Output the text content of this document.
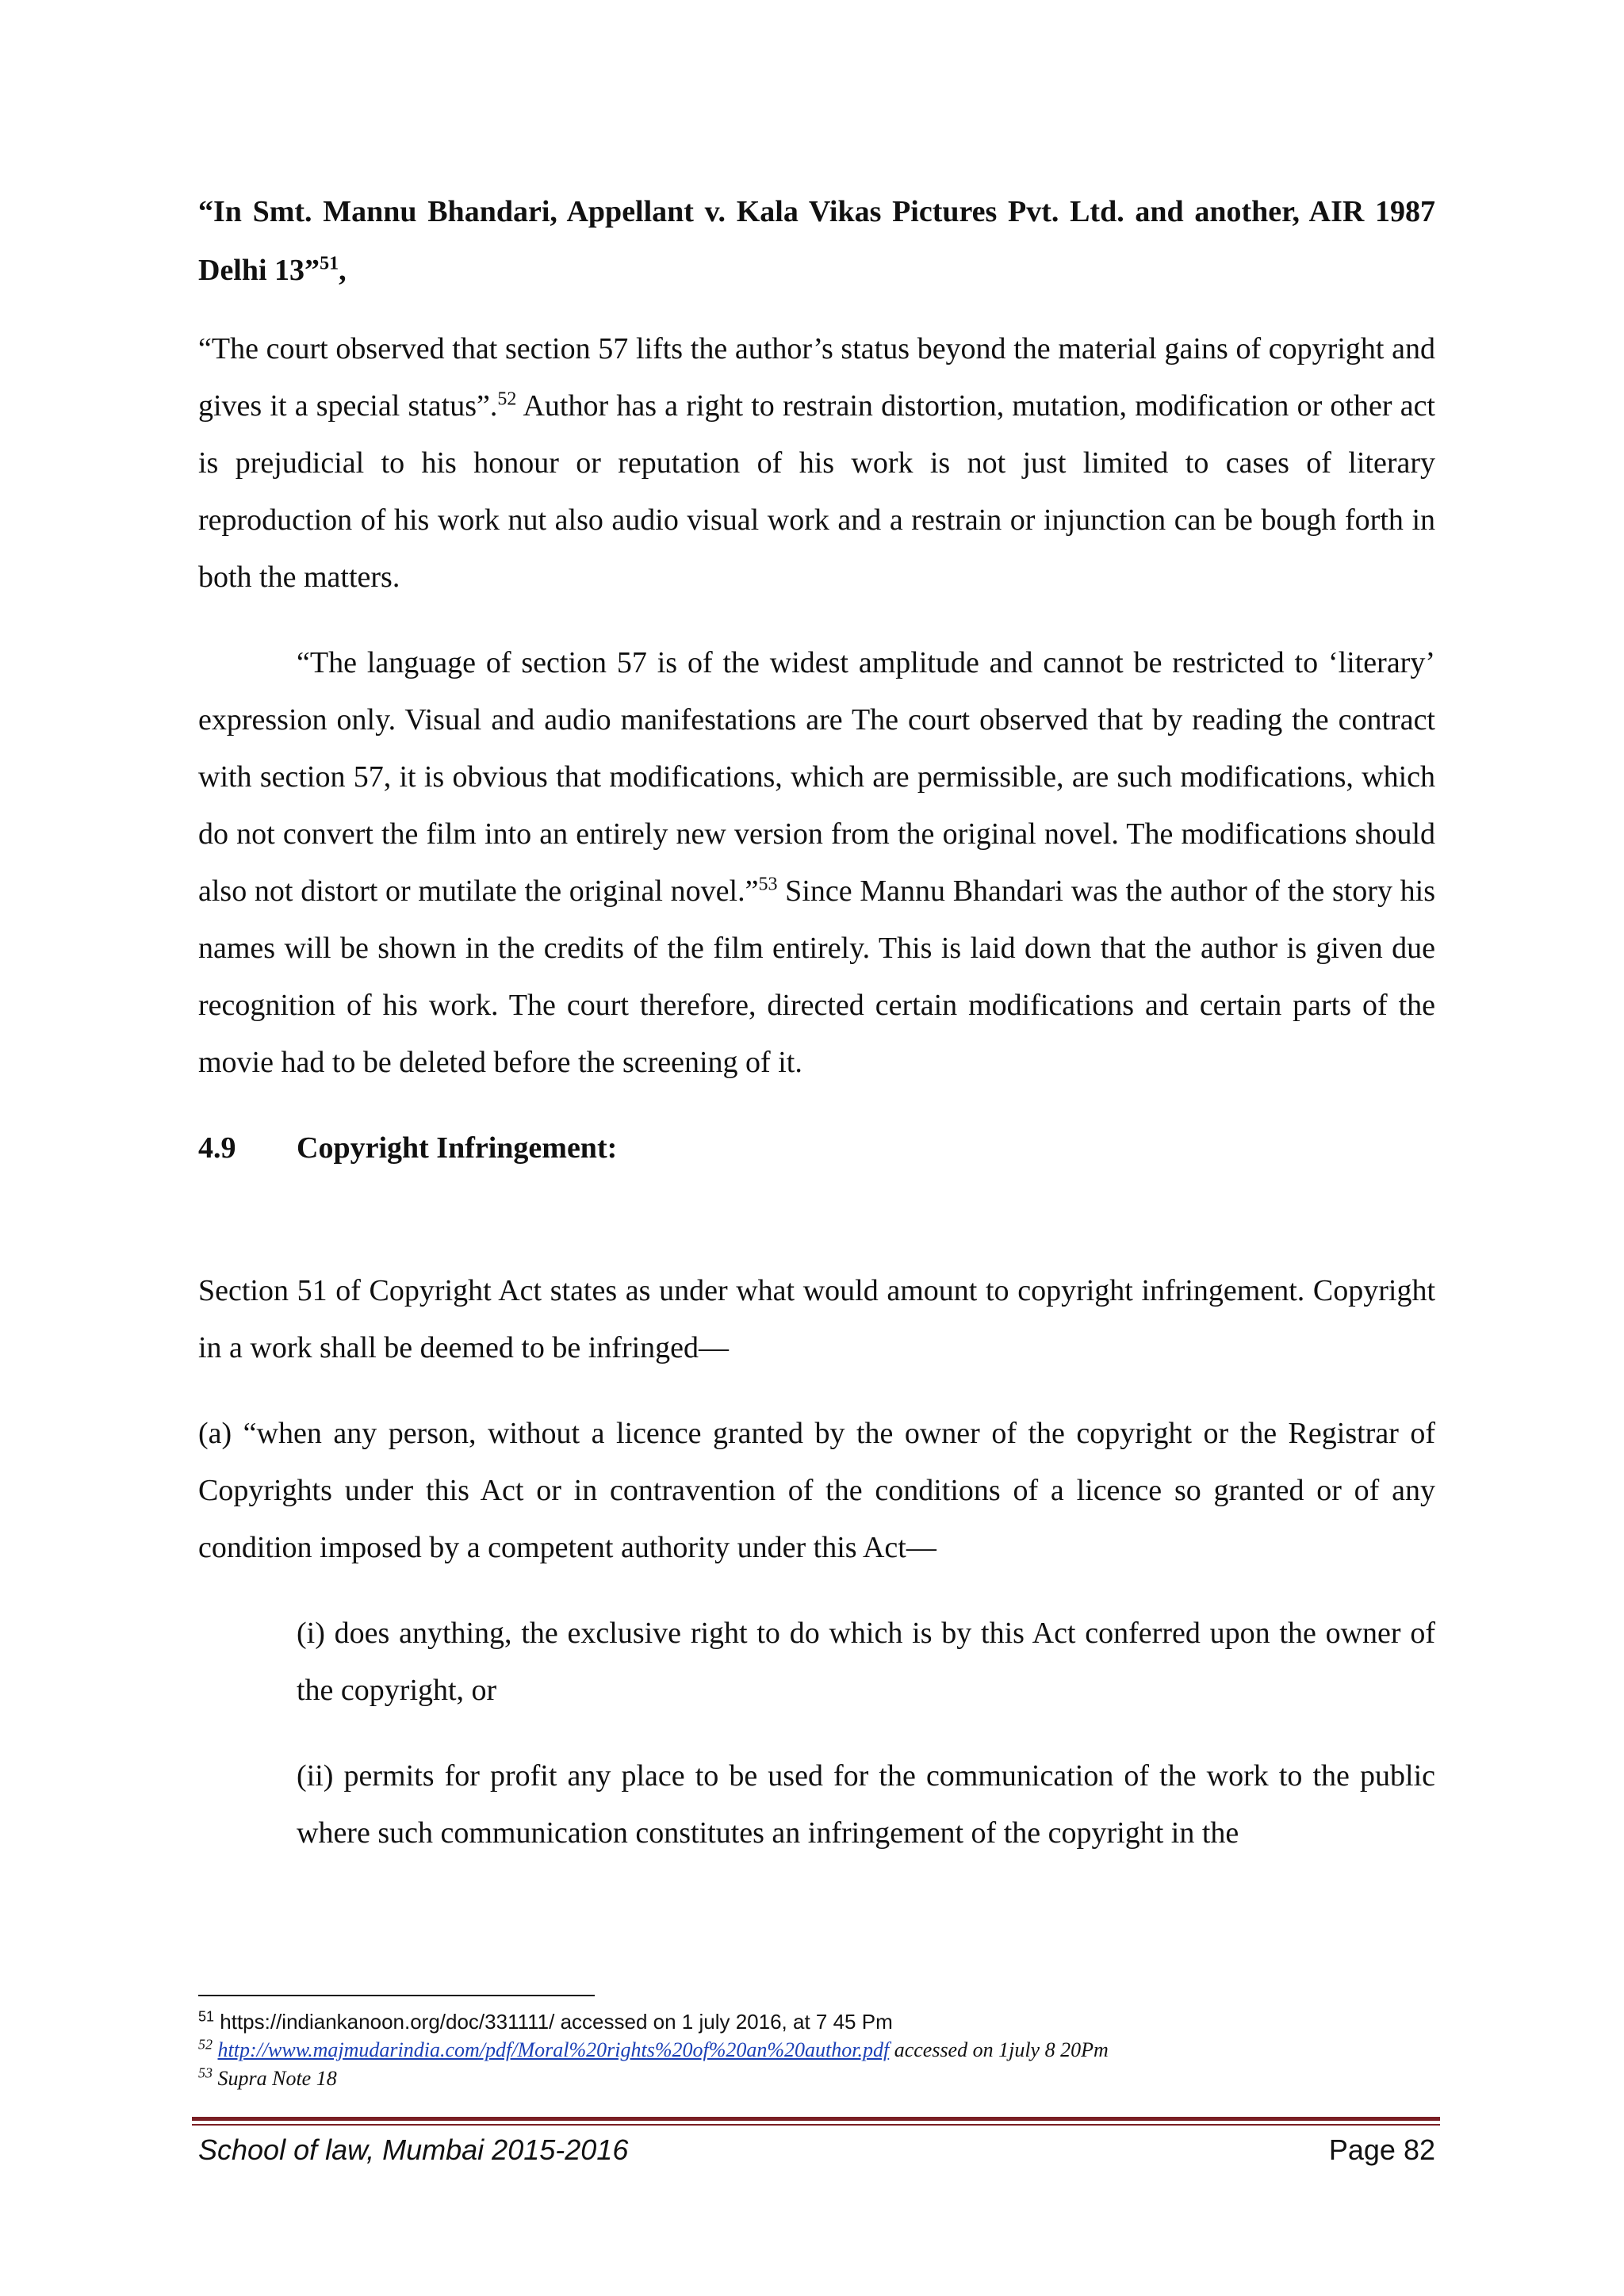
“In Smt. Mannu Bhandari, Appellant v. Kala Vikas Pictures Pvt. Ltd. and another, AIR 1987 Delhi 13”$^{51}$,

“The court observed that section 57 lifts the author’s status beyond the material gains of copyright and gives it a special status”.$^{52}$ Author has a right to restrain distortion, mutation, modification or other act is prejudicial to his honour or reputation of his work is not just limited to cases of literary reproduction of his work nut also audio visual work and a restrain or injunction can be bough forth in both the matters.

“The language of section 57 is of the widest amplitude and cannot be restricted to ‘literary’ expression only. Visual and audio manifestations are The court observed that by reading the contract with section 57, it is obvious that modifications, which are permissible, are such modifications, which do not convert the film into an entirely new version from the original novel. The modifications should also not distort or mutilate the original novel.”$^{53}$ Since Mannu Bhandari was the author of the story his names will be shown in the credits of the film entirely. This is laid down that the author is given due recognition of his work. The court therefore, directed certain modifications and certain parts of the movie had to be deleted before the screening of it.

4.9	Copyright Infringement:

Section 51 of Copyright Act states as under what would amount to copyright infringement. Copyright in a work shall be deemed to be infringed—

(a) “when any person, without a licence granted by the owner of the copyright or the Registrar of Copyrights under this Act or in contravention of the conditions of a licence so granted or of any condition imposed by a competent authority under this Act—

(i) does anything, the exclusive right to do which is by this Act conferred upon the owner of the copyright, or

(ii) permits for profit any place to be used for the communication of the work to the public where such communication constitutes an infringement of the copyright in the

$^{51}$ https://indiankanoon.org/doc/331111/ accessed on 1 july 2016, at 7 45 Pm
$^{52}$ http://www.majmudarindia.com/pdf/Moral%20rights%20of%20an%20author.pdf accessed on 1july 8 20Pm
$^{53}$ Supra Note 18
School of law, Mumbai 2015-2016	Page 82
